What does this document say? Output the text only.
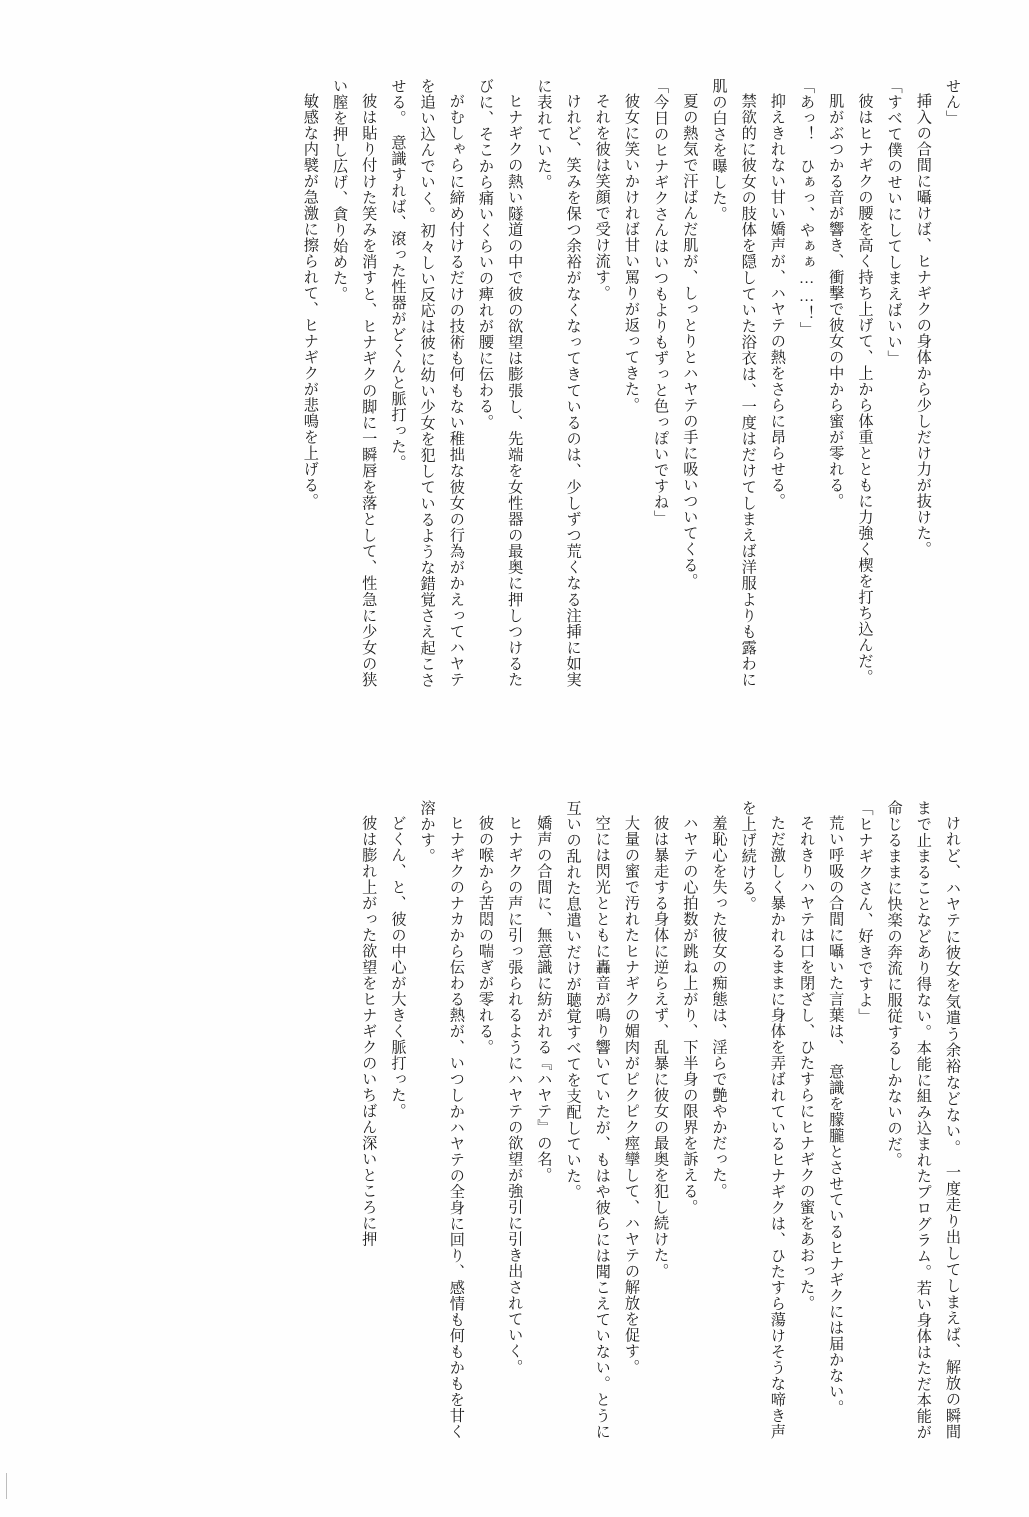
せん」

挿入の合間に囁けば、ヒナギクの身体から少しだけ力が抜けた。

「すべて僕のせいにしてしまえばいい」

彼はヒナギクの腰を高く持ち上げて、上から体重とともに力強く楔を打ち込んだ。

肌がぶつかる音が響き、衝撃で彼女の中から蜜が零れる。

「あっ！　ひぁっ、やぁぁ……！」

抑えきれない甘い嬌声が、ハヤテの熱をさらに昂らせる。

禁欲的に彼女の肢体を隠していた浴衣は、一度はだけてしまえば洋服よりも露わに肌の白さを曝した。

夏の熱気で汗ばんだ肌が、しっとりとハヤテの手に吸いついてくる。

「今日のヒナギクさんはいつもよりもずっと色っぽいですね」

彼女に笑いかければ甘い罵りが返ってきた。

それを彼は笑顔で受け流す。

けれど、笑みを保つ余裕がなくなってきているのは、少しずつ荒くなる注挿に如実に表れていた。

ヒナギクの熱い隧道の中で彼の欲望は膨張し、先端を女性器の最奥に押しつけるたびに、そこから痛いくらいの痺れが腰に伝わる。

がむしゃらに締め付けるだけの技術も何もない稚拙な彼女の行為がかえってハヤテを追い込んでいく。初々しい反応は彼に幼い少女を犯しているような錯覚さえ起こさせる。　意識すれば、滾った性器がどくんと脈打った。

彼は貼り付けた笑みを消すと、ヒナギクの脚に一瞬唇を落として、性急に少女の狭い膣を押し広げ、貪り始めた。

敏感な内襞が急激に擦られて、ヒナギクが悲鳴を上げる。

けれど、ハヤテに彼女を気遣う余裕などない。　一度走り出してしまえば、解放の瞬間まで止まることなどあり得ない。本能に組み込まれたプログラム。若い身体はただ本能が命じるままに快楽の奔流に服従するしかないのだ。

「ヒナギクさん、好きですよ」

荒い呼吸の合間に囁いた言葉は、　意識を朦朧とさせているヒナギクには届かない。

それきりハヤテは口を閉ざし、ひたすらにヒナギクの蜜をあおった。

ただ激しく暴かれるままに身体を弄ばれているヒナギクは、ひたすら蕩けそうな啼き声を上げ続ける。

羞恥心を失った彼女の痴態は、淫らで艶やかだった。

ハヤテの心拍数が跳ね上がり、下半身の限界を訴える。

彼は暴走する身体に逆らえず、乱暴に彼女の最奥を犯し続けた。

大量の蜜で汚れたヒナギクの媚肉がピクピク痙攣して、ハヤテの解放を促す。

空には閃光とともに轟音が鳴り響いていたが、もはや彼らには聞こえていない。とうに互いの乱れた息遣いだけが聴覚すべてを支配していた。

嬌声の合間に、無意識に紡がれる『ハヤテ』の名。

ヒナギクの声に引っ張られるようにハヤテの欲望が強引に引き出されていく。

彼の喉から苦悶の喘ぎが零れる。

ヒナギクのナカから伝わる熱が、いつしかハヤテの全身に回り、感情も何もかもを甘く溶かす。

どくん、と、彼の中心が大きく脈打った。

彼は膨れ上がった欲望をヒナギクのいちばん深いところに押
